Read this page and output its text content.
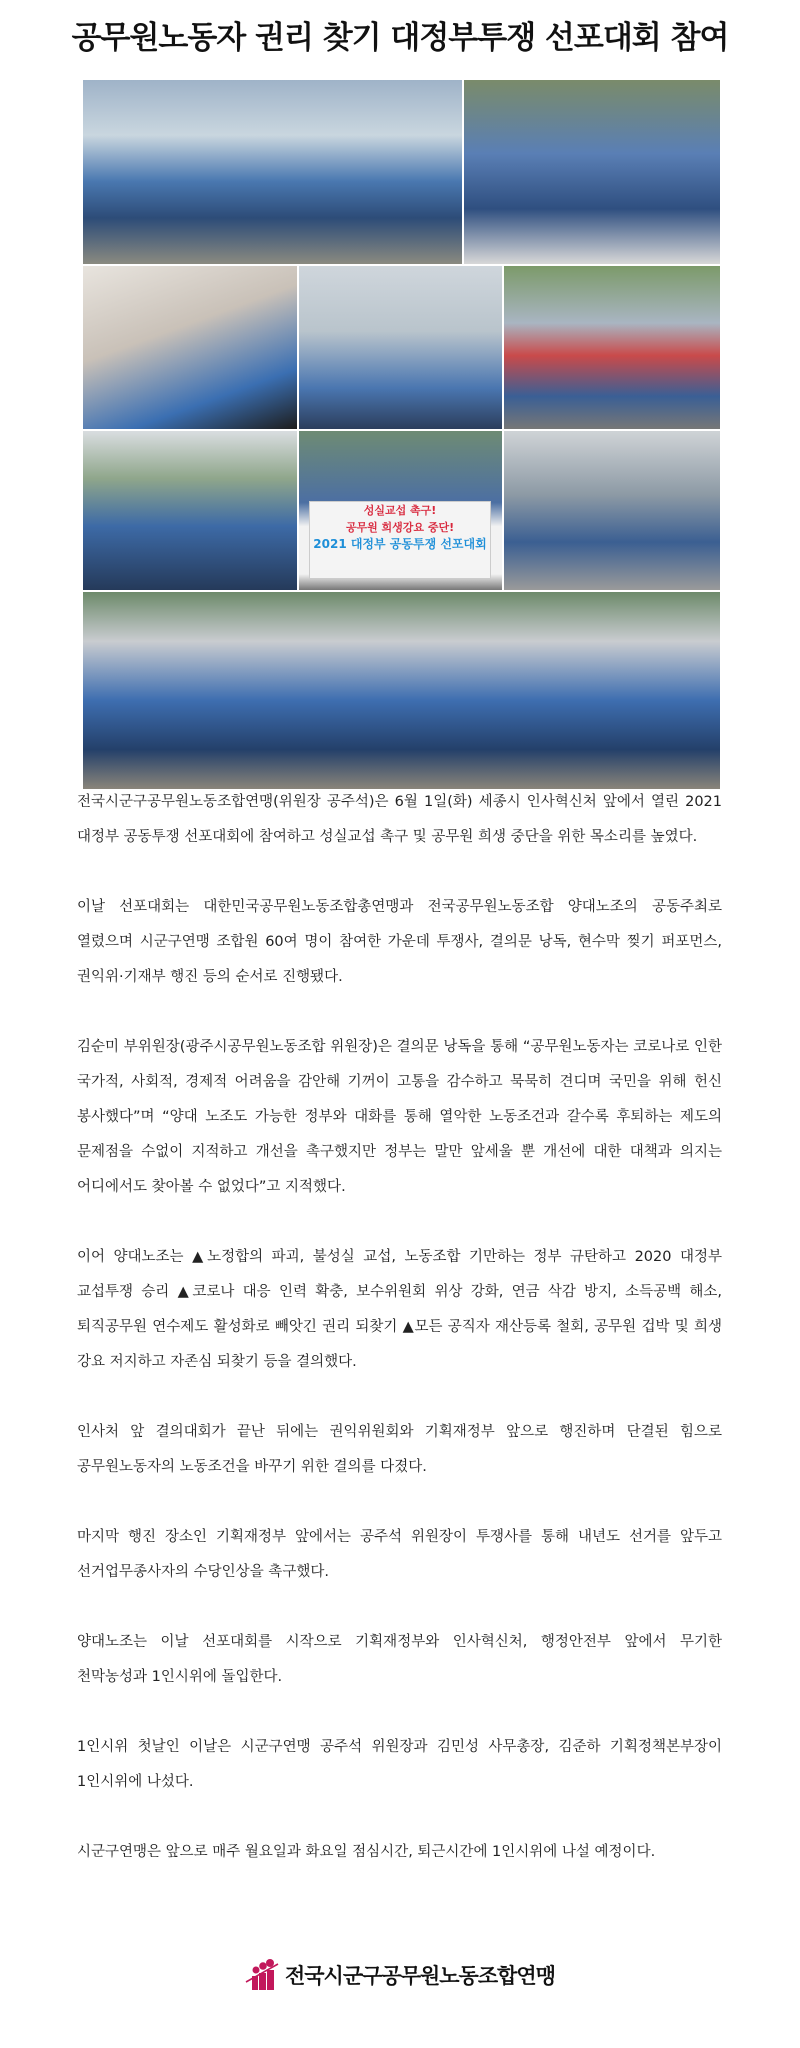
공무원노동자 권리 찾기 대정부투쟁 선포대회 참여
성실교섭 촉구!
공무원 희생강요 중단!
2021 대정부 공동투쟁 선포대회

전국시군구공무원노동조합연맹(위원장 공주석)은 6월 1일(화) 세종시 인사혁신처 앞에서 열린 2021 대정부 공동투쟁 선포대회에 참여하고 성실교섭 촉구 및 공무원 희생 중단을 위한 목소리를 높였다.

이날 선포대회는 대한민국공무원노동조합총연맹과 전국공무원노동조합 양대노조의 공동주최로 열렸으며 시군구연맹 조합원 60여 명이 참여한 가운데 투쟁사, 결의문 낭독, 현수막 찢기 퍼포먼스, 권익위·기재부 행진 등의 순서로 진행됐다.

김순미 부위원장(광주시공무원노동조합 위원장)은 결의문 낭독을 통해 “공무원노동자는 코로나로 인한 국가적, 사회적, 경제적 어려움을 감안해 기꺼이 고통을 감수하고 묵묵히 견디며 국민을 위해 헌신 봉사했다”며 “양대 노조도 가능한 정부와 대화를 통해 열악한 노동조건과 갈수록 후퇴하는 제도의 문제점을 수없이 지적하고 개선을 촉구했지만 정부는 말만 앞세울 뿐 개선에 대한 대책과 의지는 어디에서도 찾아볼 수 없었다”고 지적했다.

이어 양대노조는 ▲노정합의 파괴, 불성실 교섭, 노동조합 기만하는 정부 규탄하고 2020 대정부 교섭투쟁 승리 ▲코로나 대응 인력 확충, 보수위원회 위상 강화, 연금 삭감 방지, 소득공백 해소, 퇴직공무원 연수제도 활성화로 빼앗긴 권리 되찾기 ▲모든 공직자 재산등록 철회, 공무원 겁박 및 희생 강요 저지하고 자존심 되찾기 등을 결의했다.

인사처 앞 결의대회가 끝난 뒤에는 권익위원회와 기획재정부 앞으로 행진하며 단결된 힘으로 공무원노동자의 노동조건을 바꾸기 위한 결의를 다졌다.

마지막 행진 장소인 기획재정부 앞에서는 공주석 위원장이 투쟁사를 통해 내년도 선거를 앞두고 선거업무종사자의 수당인상을 촉구했다.

양대노조는 이날 선포대회를 시작으로 기획재정부와 인사혁신처, 행정안전부 앞에서 무기한 천막농성과 1인시위에 돌입한다.

1인시위 첫날인 이날은 시군구연맹 공주석 위원장과 김민성 사무총장, 김준하 기획정책본부장이 1인시위에 나섰다.

시군구연맹은 앞으로 매주 월요일과 화요일 점심시간, 퇴근시간에 1인시위에 나설 예정이다.

전국시군구공무원노동조합연맹
